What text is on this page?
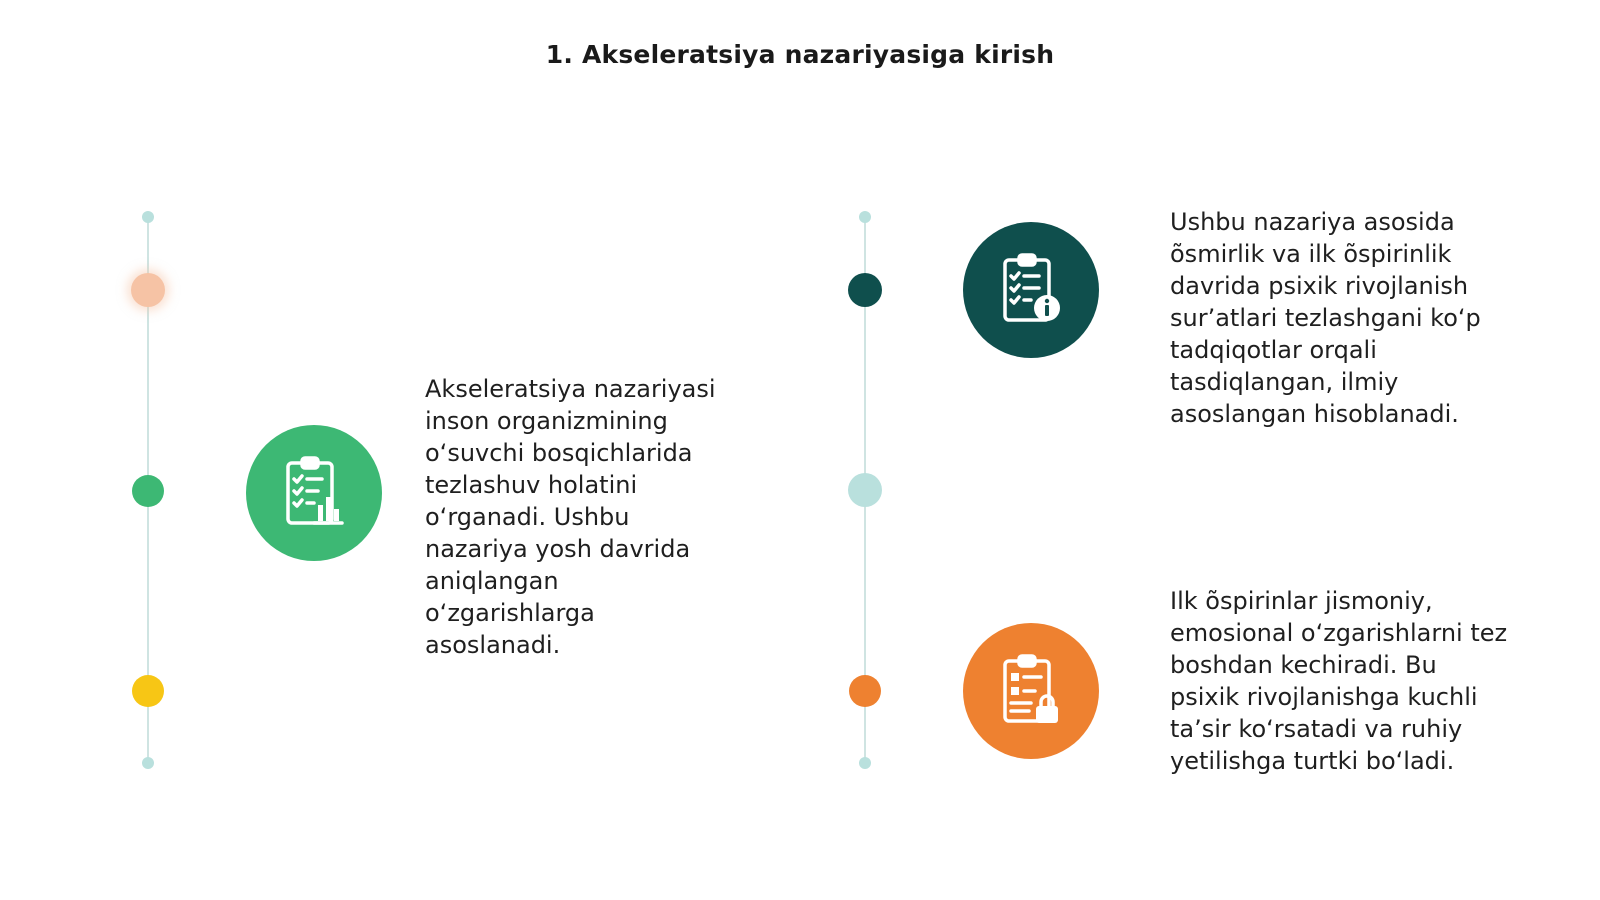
1. Akseleratsiya nazariyasiga kirish
Akseleratsiya nazariyasi
inson organizmining
o‘suvchi bosqichlarida
tezlashuv holatini
o‘rganadi. Ushbu
nazariya yosh davrida
aniqlangan
o‘zgarishlarga
asoslanadi.
Ushbu nazariya asosida
õsmirlik va ilk õspirinlik
davrida psixik rivojlanish
sur’atlari tezlashgani ko‘p
tadqiqotlar orqali
tasdiqlangan, ilmiy
asoslangan hisoblanadi.
Ilk õspirinlar jismoniy,
emosional o‘zgarishlarni tez
boshdan kechiradi. Bu
psixik rivojlanishga kuchli
ta’sir ko‘rsatadi va ruhiy
yetilishga turtki bo‘ladi.
